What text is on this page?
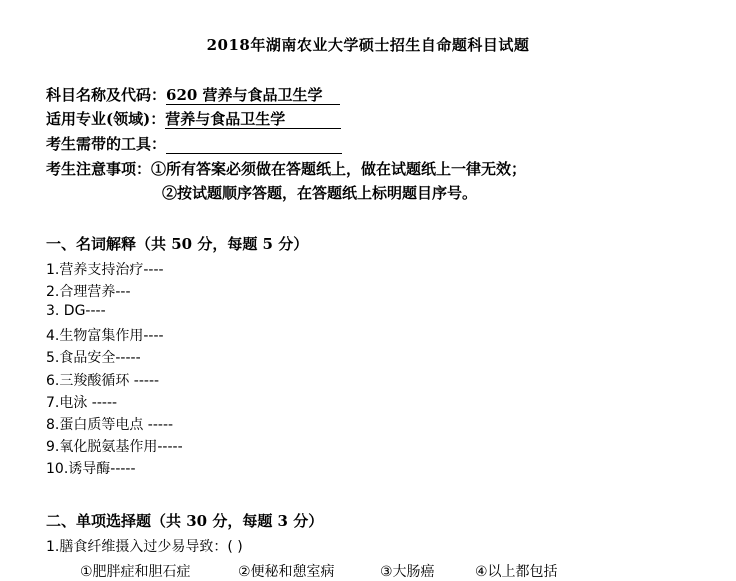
2018年湖南农业大学硕士招生自命题科目试题
科目名称及代码：620 营养与食品卫生学
适用专业(领域)：营养与食品卫生学
考生需带的工具：
考生注意事项：①所有答案必须做在答题纸上，做在试题纸上一律无效；
②按试题顺序答题，在答题纸上标明题目序号。
一、名词解释（共 50 分，每题 5 分）
1.营养支持治疗----
2.合理营养---
3. DG----
4.生物富集作用----
5.食品安全-----
6.三羧酸循环 -----
7.电泳 -----
8.蛋白质等电点 -----
9.氧化脱氨基作用-----
10.诱导酶-----
二、单项选择题（共 30 分，每题 3 分）
1.膳食纤维摄入过少易导致：( )
①肥胖症和胆石症	②便秘和憩室病	③大肠癌	④以上都包括
